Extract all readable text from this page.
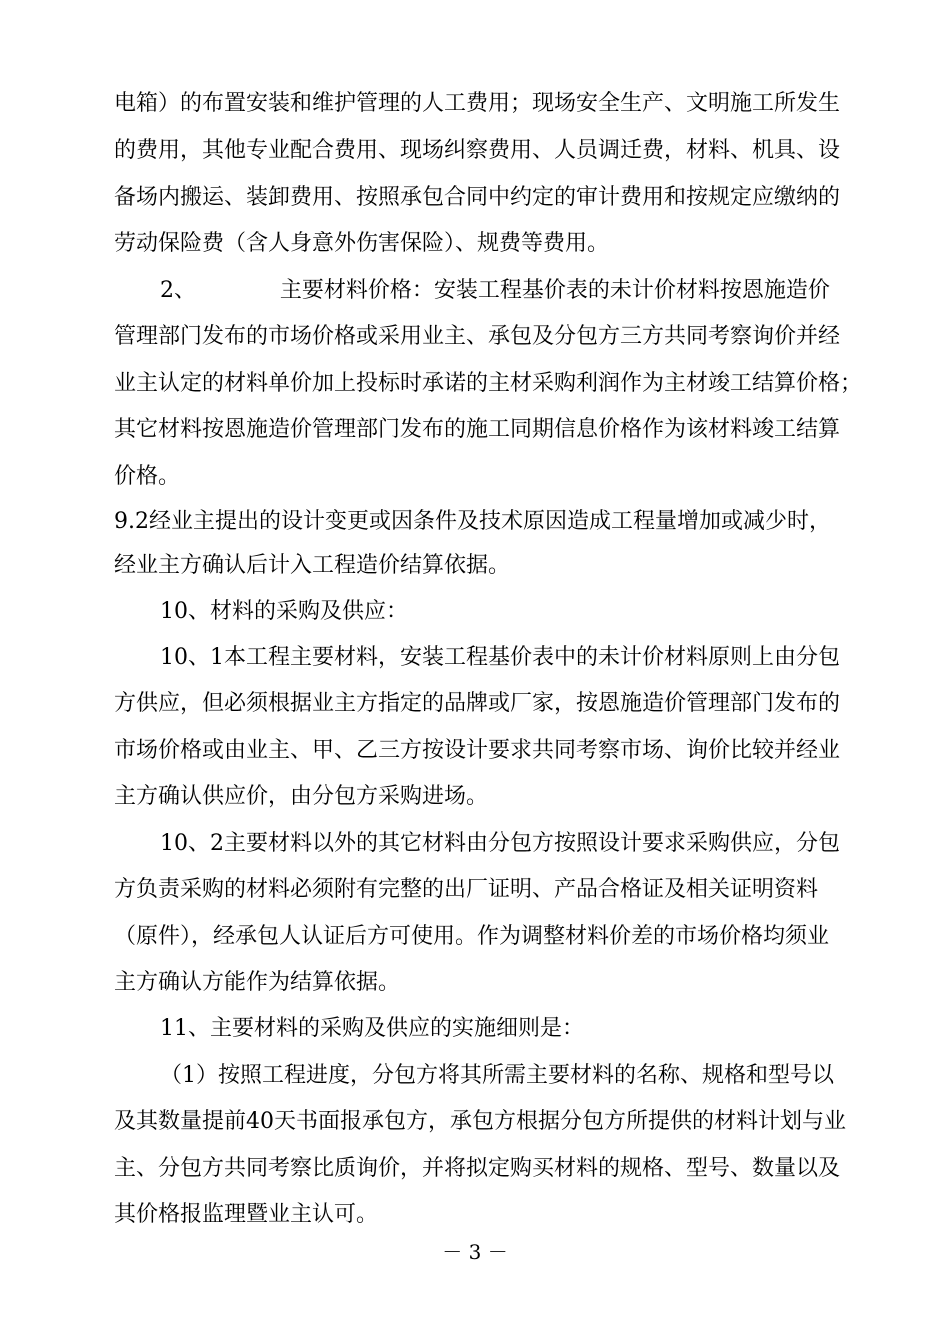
电箱）的布置安装和维护管理的人工费用；现场安全生产、文明施工所发生

的费用，其他专业配合费用、现场纠察费用、人员调迁费，材料、机具、设

备场内搬运、装卸费用、按照承包合同中约定的审计费用和按规定应缴纳的

劳动保险费（含人身意外伤害保险）、规费等费用。

2、            主要材料价格：安装工程基价表的未计价材料按恩施造价

管理部门发布的市场价格或采用业主、承包及分包方三方共同考察询价并经

业主认定的材料单价加上投标时承诺的主材采购利润作为主材竣工结算价格；

其它材料按恩施造价管理部门发布的施工同期信息价格作为该材料竣工结算

价格。

9.2经业主提出的设计变更或因条件及技术原因造成工程量增加或减少时，

经业主方确认后计入工程造价结算依据。

10、材料的采购及供应：

10、1本工程主要材料，安装工程基价表中的未计价材料原则上由分包

方供应，但必须根据业主方指定的品牌或厂家，按恩施造价管理部门发布的

市场价格或由业主、甲、乙三方按设计要求共同考察市场、询价比较并经业

主方确认供应价，由分包方采购进场。

10、2主要材料以外的其它材料由分包方按照设计要求采购供应，分包

方负责采购的材料必须附有完整的出厂证明、产品合格证及相关证明资料

（原件），经承包人认证后方可使用。作为调整材料价差的市场价格均须业

主方确认方能作为结算依据。

11、主要材料的采购及供应的实施细则是：

（1）按照工程进度，分包方将其所需主要材料的名称、规格和型号以

及其数量提前40天书面报承包方，承包方根据分包方所提供的材料计划与业

主、分包方共同考察比质询价，并将拟定购买材料的规格、型号、数量以及

其价格报监理暨业主认可。

－ 3 －
